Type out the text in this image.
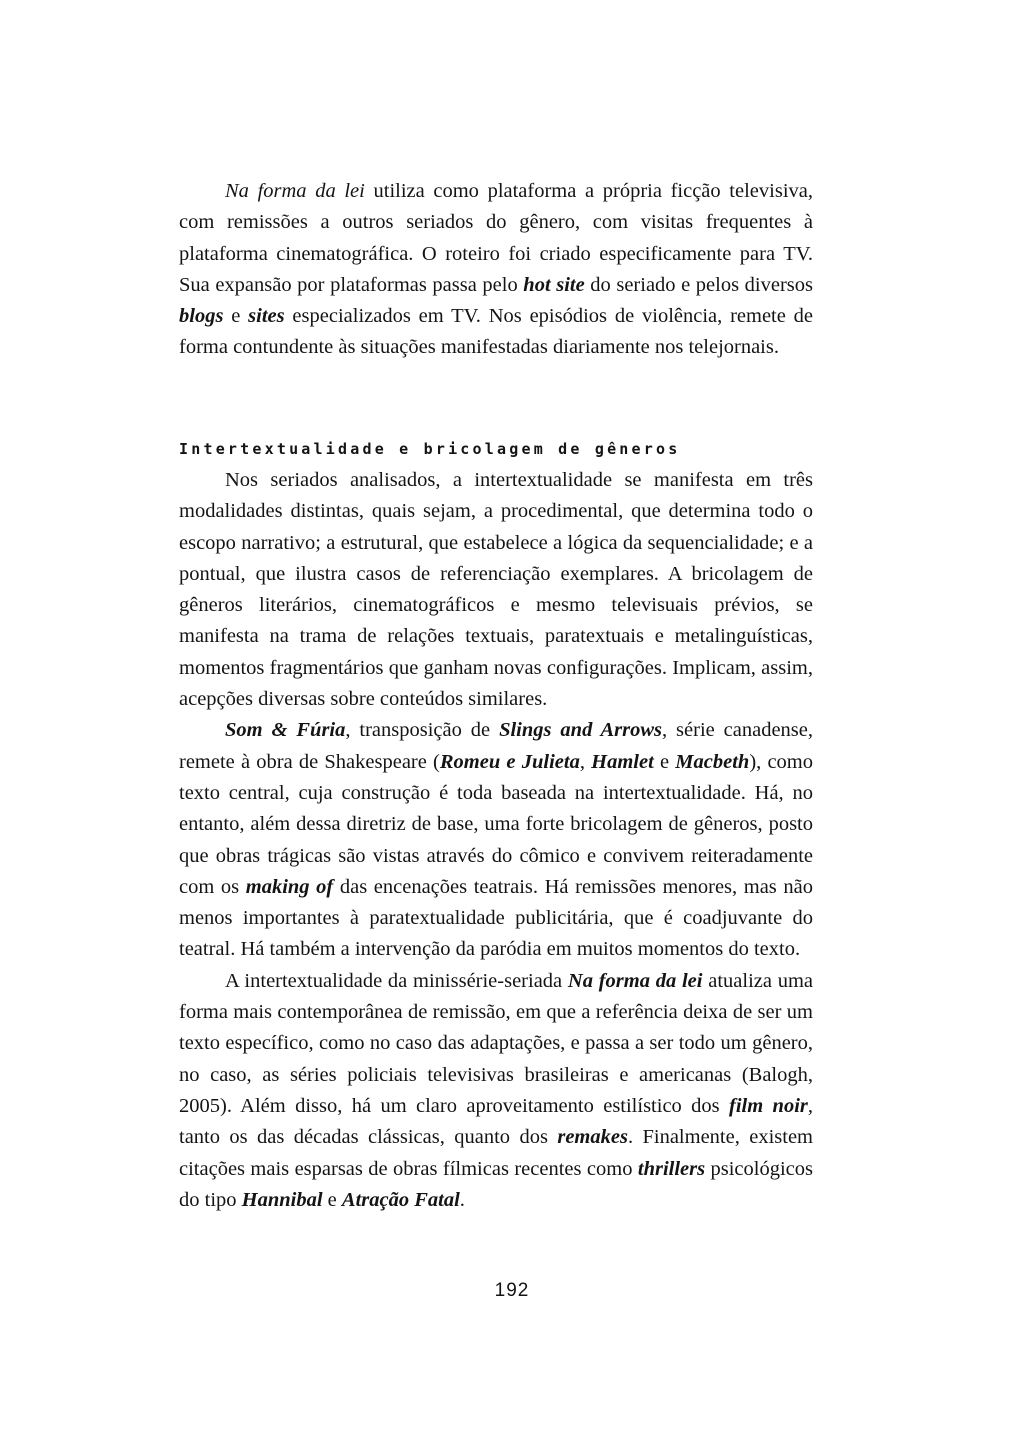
Na forma da lei utiliza como plataforma a própria ficção televisiva, com remissões a outros seriados do gênero, com visitas frequentes à plataforma cinematográfica. O roteiro foi criado especificamente para TV. Sua expansão por plataformas passa pelo hot site do seriado e pelos diversos blogs e sites especializados em TV. Nos episódios de violência, remete de forma contundente às situações manifestadas diariamente nos telejornais.

Intertextualidade e bricolagem de gêneros

Nos seriados analisados, a intertextualidade se manifesta em três modalidades distintas, quais sejam, a procedimental, que determina todo o escopo narrativo; a estrutural, que estabelece a lógica da sequencialidade; e a pontual, que ilustra casos de referenciação exemplares. A bricolagem de gêneros literários, cinematográficos e mesmo televisuais prévios, se manifesta na trama de relações textuais, paratextuais e metalinguísticas, momentos fragmentários que ganham novas configurações. Implicam, assim, acepções diversas sobre conteúdos similares.

Som & Fúria, transposição de Slings and Arrows, série canadense, remete à obra de Shakespeare (Romeu e Julieta, Hamlet e Macbeth), como texto central, cuja construção é toda baseada na intertextualidade. Há, no entanto, além dessa diretriz de base, uma forte bricolagem de gêneros, posto que obras trágicas são vistas através do cômico e convivem reiteradamente com os making of das encenações teatrais. Há remissões menores, mas não menos importantes à paratextualidade publicitária, que é coadjuvante do teatral. Há também a intervenção da paródia em muitos momentos do texto.

A intertextualidade da minissérie-seriada Na forma da lei atualiza uma forma mais contemporânea de remissão, em que a referência deixa de ser um texto específico, como no caso das adaptações, e passa a ser todo um gênero, no caso, as séries policiais televisivas brasileiras e americanas (Balogh, 2005). Além disso, há um claro aproveitamento estilístico dos film noir, tanto os das décadas clássicas, quanto dos remakes. Finalmente, existem citações mais esparsas de obras fílmicas recentes como thrillers psicológicos do tipo Hannibal e Atração Fatal.

192
